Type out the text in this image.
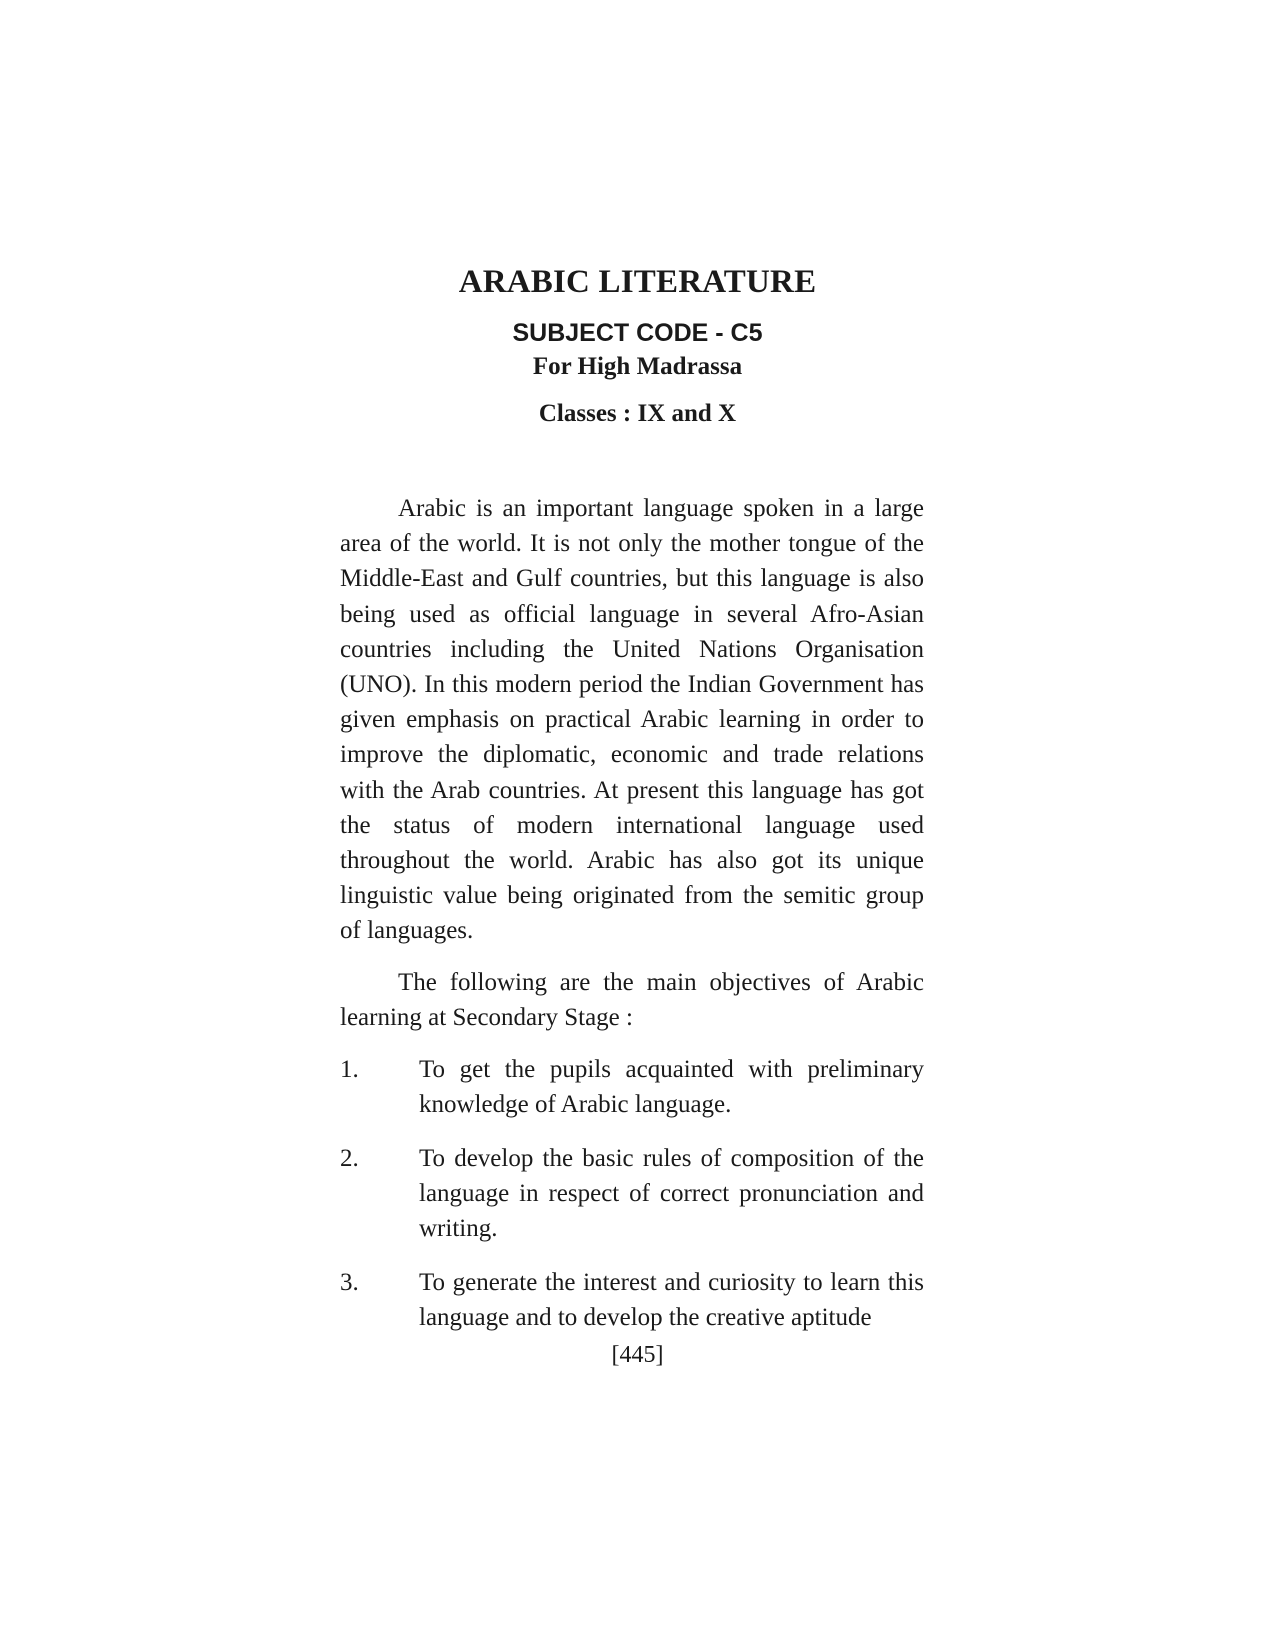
ARABIC LITERATURE
SUBJECT CODE - C5
For High Madrassa
Classes : IX and X

Arabic is an important language spoken in a large area of the world. It is not only the mother tongue of the Middle-East and Gulf countries, but this language is also being used as official language in several Afro-Asian countries including the United Nations Organisation (UNO). In this modern period the Indian Government has given emphasis on practical Arabic learning in order to improve the diplomatic, economic and trade relations with the Arab countries. At present this language has got the status of modern international language used throughout the world. Arabic has also got its unique linguistic value being originated from the semitic group of languages.

The following are the main objectives of Arabic learning at Secondary Stage :

1.	To get the pupils acquainted with preliminary knowledge of Arabic language.
2.	To develop the basic rules of composition of the language in respect of correct pronunciation and writing.
3.	To generate the interest and curiosity to learn this language and to develop the creative aptitude
[445]
